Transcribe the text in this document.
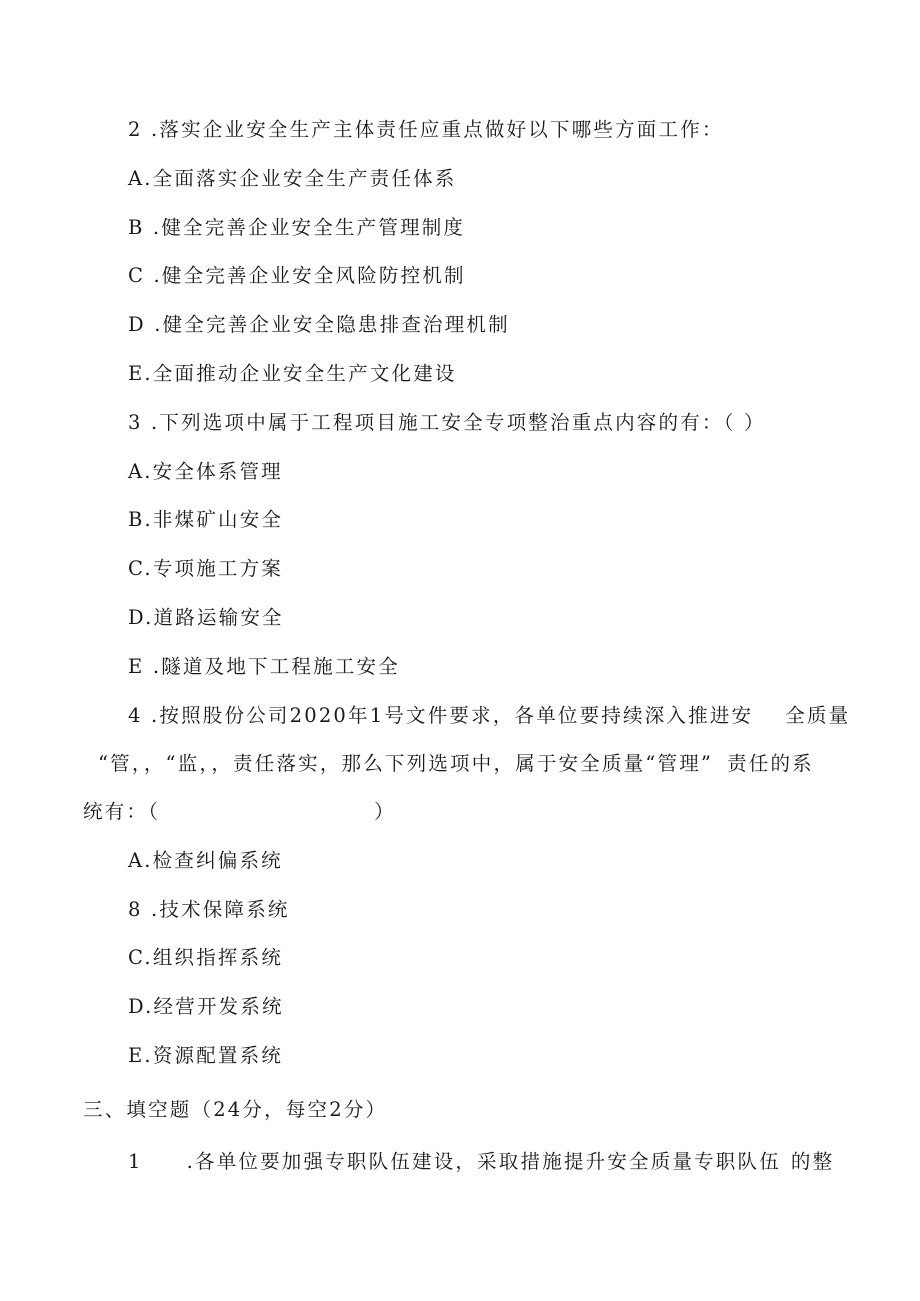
2 .落实企业安全生产主体责任应重点做好以下哪些方面工作：
A.全面落实企业安全生产责任体系
B .健全完善企业安全生产管理制度
C .健全完善企业安全风险防控机制
D .健全完善企业安全隐患排查治理机制
E.全面推动企业安全生产文化建设
3 .下列选项中属于工程项目施工安全专项整治重点内容的有：（ ）
A.安全体系管理
B.非煤矿山安全
C.专项施工方案
D.道路运输安全
E .隧道及地下工程施工安全
4 .按照股份公司2020年1号文件要求，各单位要持续深入推进安 全质量
“管，，“监，，责任落实，那么下列选项中，属于安全质量“管理” 责任的系
统有：（	）
A.检查纠偏系统
8 .技术保障系统
C.组织指挥系统
D.经营开发系统
E.资源配置系统
三、填空题（24分，每空2分）
1 .各单位要加强专职队伍建设，采取措施提升安全质量专职队伍 的整
